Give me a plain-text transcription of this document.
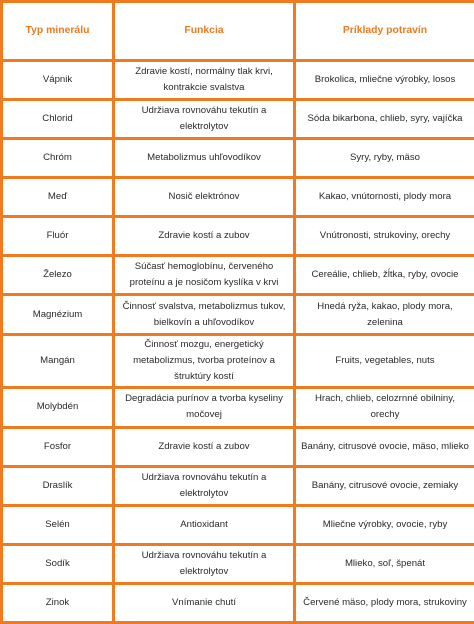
Typ minerálu	Funkcia	Príklady potravín
Vápnik	Zdravie kostí, normálny tlak krvi, kontrakcie svalstva	Brokolica, mliečne výrobky, losos
Chlorid	Udržiava rovnováhu tekutín a elektrolytov	Sóda bikarbona, chlieb, syry, vajíčka
Chróm	Metabolizmus uhľovodíkov	Syry, ryby, mäso
Meď	Nosič elektrónov	Kakao, vnútornosti, plody mora
Fluór	Zdravie kostí a zubov	Vnútronosti, strukoviny, orechy
Železo	Súčasť hemoglobínu, červeného proteínu a je nosičom kyslíka v krvi	Cereálie, chlieb, žĺtka, ryby, ovocie
Magnézium	Činnosť svalstva, metabolizmus tukov, bielkovín a uhľovodíkov	Hnedá ryža, kakao, plody mora, zelenina
Mangán	Činnosť mozgu, energetický metabolizmus, tvorba proteínov a štruktúry kostí	Fruits, vegetables, nuts
Molybdén	Degradácia purínov a tvorba kyseliny močovej	Hrach, chlieb, celozrnné obilniny, orechy
Fosfor	Zdravie kostí a zubov	Banány, citrusové ovocie, mäso, mlieko
Draslík	Udržiava rovnováhu tekutín a elektrolytov	Banány, citrusové ovocie, zemiaky
Selén	Antioxidant	Mliečne výrobky, ovocie, ryby
Sodík	Udržiava rovnováhu tekutín a elektrolytov	Mlieko, soľ, špenát
Zinok	Vnímanie chutí	Červené mäso, plody mora, strukoviny
